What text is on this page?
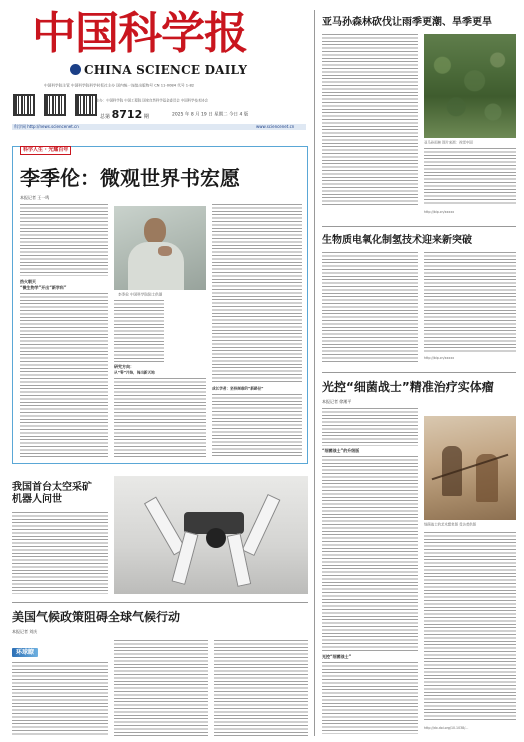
中国科学报
CHINA SCIENCE DAILY
中国科学院主管 中国科学院科学时报社主办 国内统一连续出版物号 CN 11-0084 代号 1-82
主办：中国科学院 中国工程院 国家自然科学基金委员会 中国科学技术协会
总第 8712 期	2025 年 8 月 19 日 星期二 今日 4 版
科学网 http://news.sciencenet.cn	www.sciencenet.cn
科学人生 · 光耀百年
李季伦：微观世界书宏愿
本报记者 王一鸣
热火朝天
“微生物学”开出“新学科”
李季伦 中国科学院院士供图
研究方向：
从“零”开始，闯出新天地
成长学者：坚持探索的“新路径”
我国首台太空采矿
机器人问世
美国气候政策阻碍全球气候行动
本报记者 刘庆
环球瞭
亚马孙森林砍伐让雨季更潮、旱季更旱
亚马孙雨林 图片来源：视觉中国
http://bip.cn/xxxxx
生物质电氧化制氢技术迎来新突破
http://bip.cn/xxxxx
光控“细菌战士”精准治疗实体瘤
本报记者 徐湘平
“细菌战士”的升级版
光控“细菌战士”
细菌战士的艺术想象图 受访者供图
http://dx.doi.org/10.1038/...
